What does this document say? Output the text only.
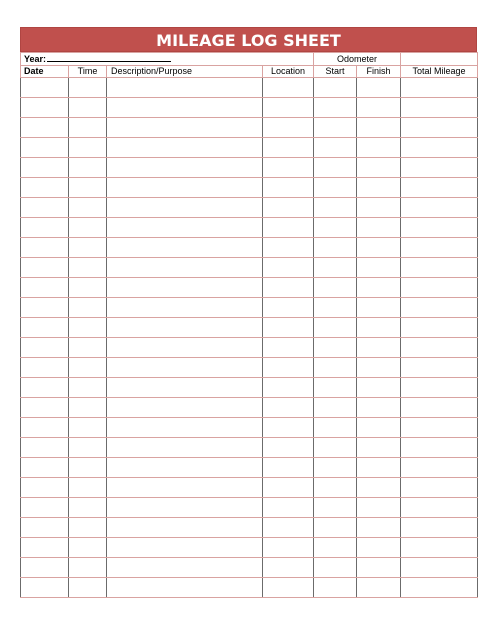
MILEAGE LOG SHEET
Year:				Odometer		
Date	Time	Description/Purpose	Location	Start	Finish	Total Mileage
